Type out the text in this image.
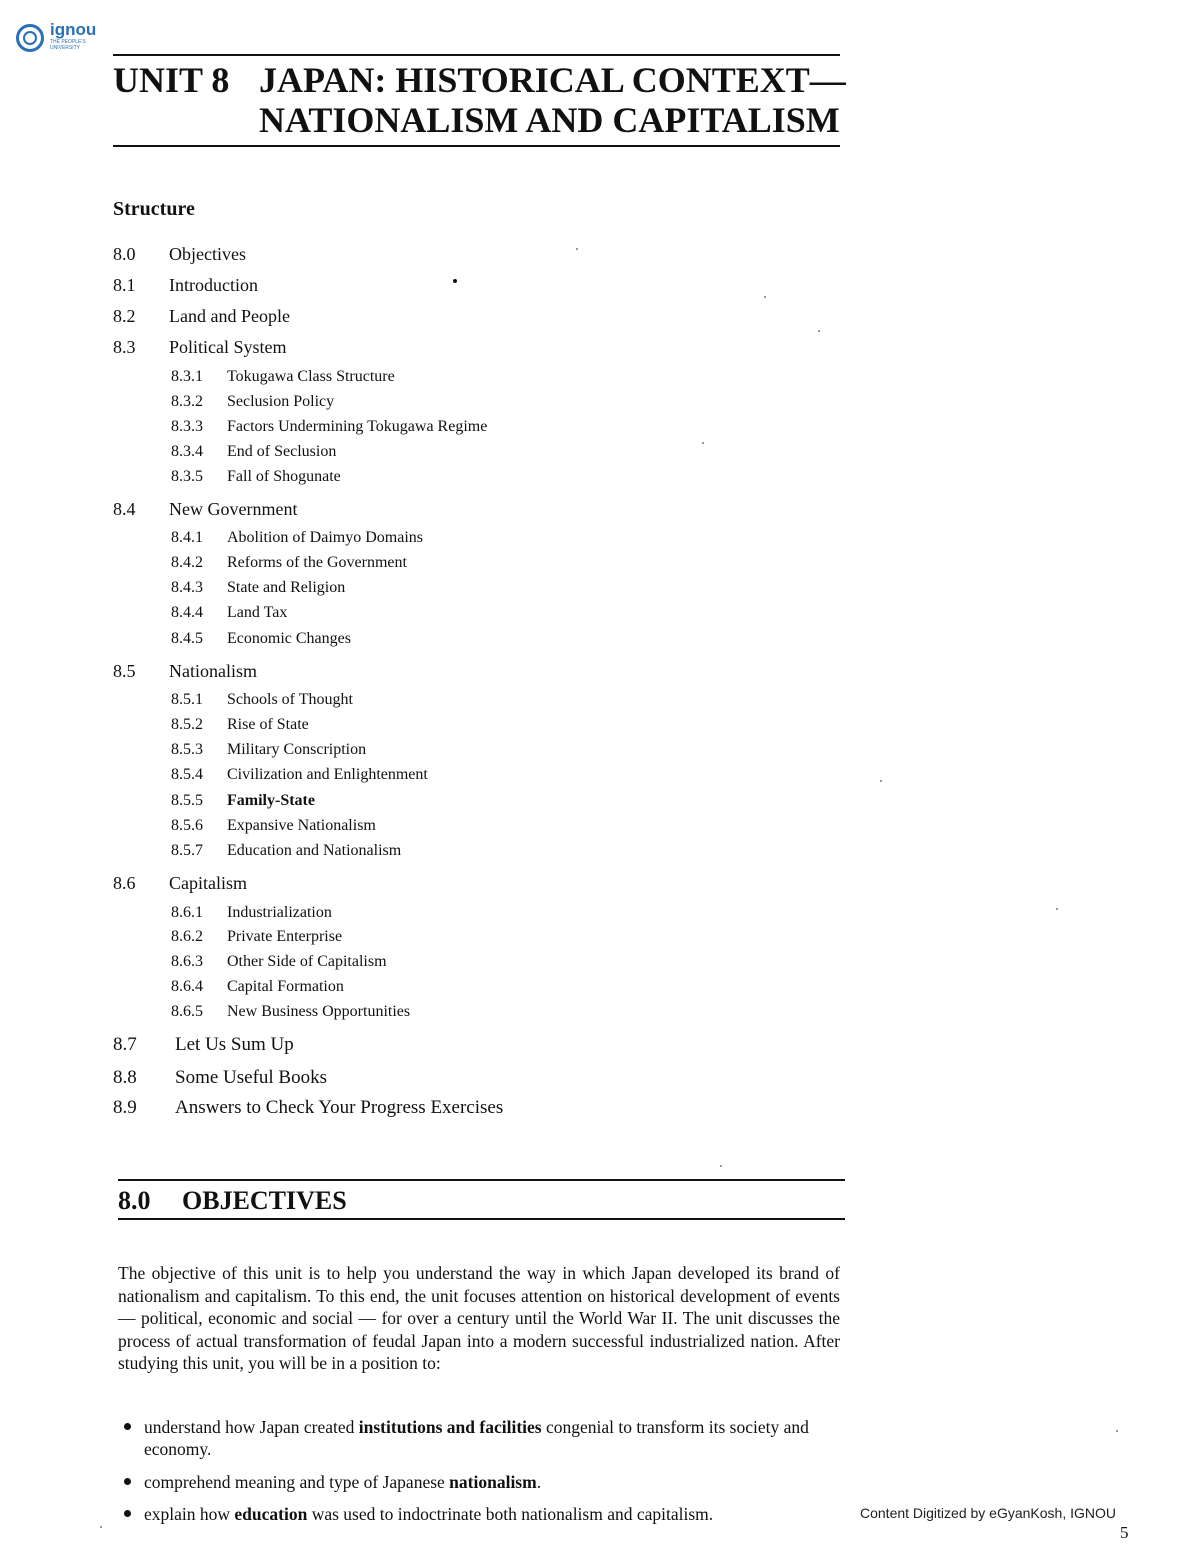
ignou
THE PEOPLE'S UNIVERSITY
UNIT 8 JAPAN: HISTORICAL CONTEXT—
NATIONALISM AND CAPITALISM
Structure
8.0 Objectives
8.1 Introduction
8.2 Land and People
8.3 Political System
8.3.1 Tokugawa Class Structure
8.3.2 Seclusion Policy
8.3.3 Factors Undermining Tokugawa Regime
8.3.4 End of Seclusion
8.3.5 Fall of Shogunate
8.4 New Government
8.4.1 Abolition of Daimyo Domains
8.4.2 Reforms of the Government
8.4.3 State and Religion
8.4.4 Land Tax
8.4.5 Economic Changes
8.5 Nationalism
8.5.1 Schools of Thought
8.5.2 Rise of State
8.5.3 Military Conscription
8.5.4 Civilization and Enlightenment
8.5.5 Family-State
8.5.6 Expansive Nationalism
8.5.7 Education and Nationalism
8.6 Capitalism
8.6.1 Industrialization
8.6.2 Private Enterprise
8.6.3 Other Side of Capitalism
8.6.4 Capital Formation
8.6.5 New Business Opportunities
8.7 Let Us Sum Up
8.8 Some Useful Books
8.9 Answers to Check Your Progress Exercises
8.0 OBJECTIVES
The objective of this unit is to help you understand the way in which Japan developed its brand of nationalism and capitalism. To this end, the unit focuses attention on historical development of events — political, economic and social — for over a century until the World War II. The unit discusses the process of actual transformation of feudal Japan into a modern successful industrialized nation. After studying this unit, you will be in a position to:
understand how Japan created institutions and facilities congenial to transform its society and economy.
comprehend meaning and type of Japanese nationalism.
explain how education was used to indoctrinate both nationalism and capitalism.	Content Digitized by eGyanKosh, IGNOU
5
